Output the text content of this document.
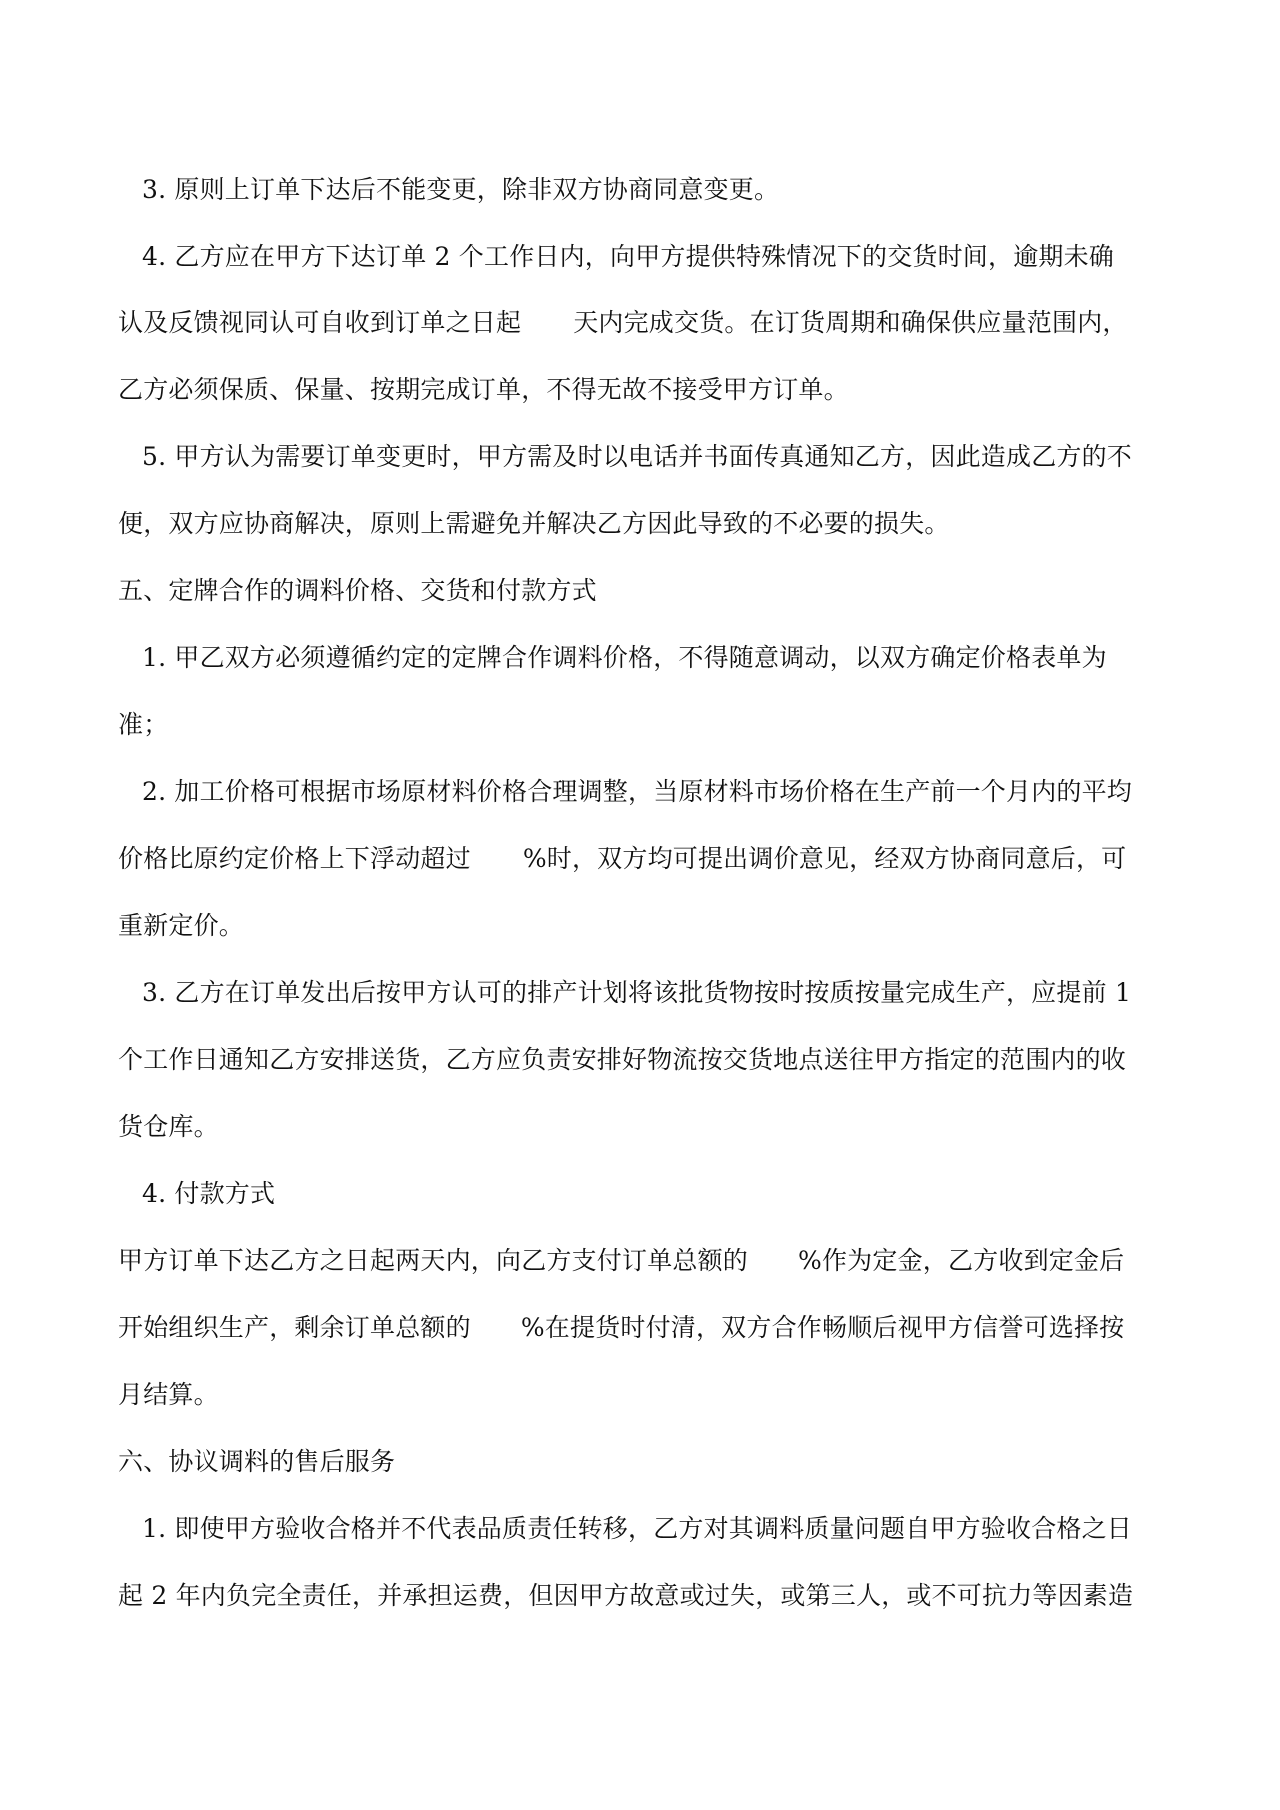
3. 原则上订单下达后不能变更，除非双方协商同意变更。
4. 乙方应在甲方下达订单 2 个工作日内，向甲方提供特殊情况下的交货时间，逾期未确
认及反馈视同认可自收到订单之日起 天内完成交货。在订货周期和确保供应量范围内，
乙方必须保质、保量、按期完成订单，不得无故不接受甲方订单。
5. 甲方认为需要订单变更时，甲方需及时以电话并书面传真通知乙方，因此造成乙方的不
便，双方应协商解决，原则上需避免并解决乙方因此导致的不必要的损失。
五、定牌合作的调料价格、交货和付款方式
1. 甲乙双方必须遵循约定的定牌合作调料价格，不得随意调动，以双方确定价格表单为
准；
2. 加工价格可根据市场原材料价格合理调整，当原材料市场价格在生产前一个月内的平均
价格比原约定价格上下浮动超过 %时，双方均可提出调价意见，经双方协商同意后，可
重新定价。
3. 乙方在订单发出后按甲方认可的排产计划将该批货物按时按质按量完成生产，应提前 1
个工作日通知乙方安排送货，乙方应负责安排好物流按交货地点送往甲方指定的范围内的收
货仓库。
4. 付款方式
甲方订单下达乙方之日起两天内，向乙方支付订单总额的 %作为定金，乙方收到定金后
开始组织生产，剩余订单总额的 %在提货时付清，双方合作畅顺后视甲方信誉可选择按
月结算。
六、协议调料的售后服务
1. 即使甲方验收合格并不代表品质责任转移，乙方对其调料质量问题自甲方验收合格之日
起 2 年内负完全责任，并承担运费，但因甲方故意或过失，或第三人，或不可抗力等因素造
